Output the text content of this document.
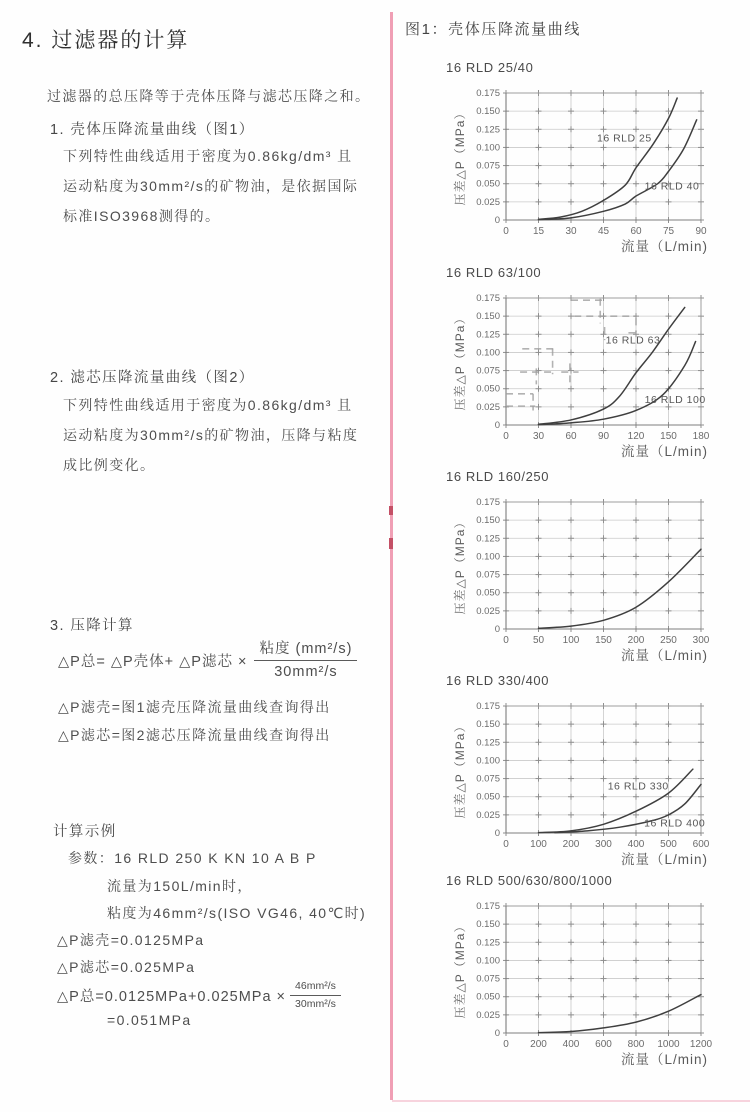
4. 过滤器的计算
过滤器的总压降等于壳体压降与滤芯压降之和。
1. 壳体压降流量曲线（图1）
下列特性曲线适用于密度为0.86kg/dm³ 且
运动粘度为30mm²/s的矿物油，是依据国际
标准ISO3968测得的。
2. 滤芯压降流量曲线（图2）
下列特性曲线适用于密度为0.86kg/dm³ 且
运动粘度为30mm²/s的矿物油，压降与粘度
成比例变化。
3. 压降计算
△P总= △P壳体+ △P滤芯 × $\frac{\text{粘度 (mm²/s)}}{\text{30mm²/s}}$
△P滤壳=图1滤壳压降流量曲线查询得出
△P滤芯=图2滤芯压降流量曲线查询得出
计算示例
参数：16 RLD 250 K KN 10 A B P
流量为150L/min时，
粘度为46mm²/s(ISO VG46, 40℃时)
△P滤壳=0.0125MPa
△P滤芯=0.025MPa
△P总$=0.0125MPa+0.025MPa \times \frac{\text{46mm²/s}}{\text{30mm²/s}}$
=0.051MPa
图1：壳体压降流量曲线
16 RLD 25
16 RLD 40
16 RLD 25/40
0 15 30 45 60 75 90
0
0.025
0.050
0.075
0.100
0.125
0.150
0.175
流量（L/min)
压差△P（MPa）
16 RLD 63
16 RLD 100
16 RLD 63/100
0 30 60 90 120 150 180
0
0.025
0.050
0.075
0.100
0.125
0.150
0.175
流量（L/min)
压差△P（MPa）
16 RLD 160/250
0 50 100 150 200 250 300
0
0.025
0.050
0.075
0.100
0.125
0.150
0.175
流量（L/min)
压差△P（MPa）
16 RLD 330
16 RLD 400
16 RLD 330/400
0 100 200 300 400 500 600
0
0.025
0.050
0.075
0.100
0.125
0.150
0.175
流量（L/min)
压差△P（MPa）
16 RLD 500/630/800/1000
0 200 400 600 800 1000 1200
0
0.025
0.050
0.075
0.100
0.125
0.150
0.175
流量（L/min)
压差△P（MPa）
